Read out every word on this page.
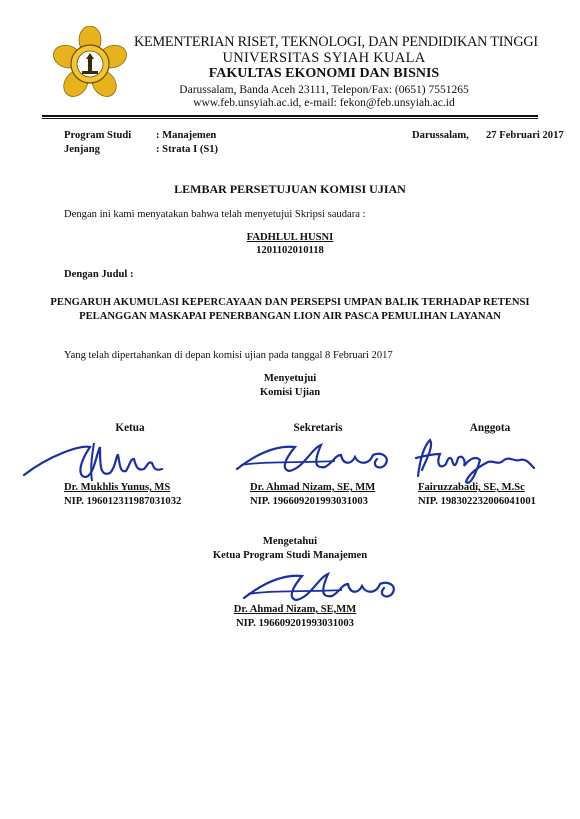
KEMENTERIAN RISET, TEKNOLOGI, DAN PENDIDIKAN TINGGI
UNIVERSITAS SYIAH KUALA
FAKULTAS EKONOMI DAN BISNIS
Darussalam, Banda Aceh 23111, Telepon/Fax: (0651) 7551265
www.feb.unsyiah.ac.id, e-mail: fekon@feb.unsyiah.ac.id
Program Studi : Manajemen
Jenjang	: Strata I (S1)
Darussalam, 27 Februari 2017
LEMBAR PERSETUJUAN KOMISI UJIAN
Dengan ini kami menyatakan bahwa telah menyetujui Skripsi saudara :
FADHLUL HUSNI
1201102010118
Dengan Judul :
PENGARUH AKUMULASI KEPERCAYAAN DAN PERSEPSI UMPAN BALIK TERHADAP RETENSI
PELANGGAN MASKAPAI PENERBANGAN LION AIR PASCA PEMULIHAN LAYANAN
Yang telah dipertahankan di depan komisi ujian pada tanggal 8 Februari 2017
Menyetujui
Komisi Ujian
Ketua	Sekretaris	Anggota
Dr. Mukhlis Yunus, MS
NIP. 196012311987031032
Dr. Ahmad Nizam, SE, MM
NIP. 196609201993031003
Fairuzzabadi, SE, M.Sc
NIP. 198302232006041001
Mengetahui
Ketua Program Studi Manajemen
Dr. Ahmad Nizam, SE,MM
NIP. 196609201993031003
